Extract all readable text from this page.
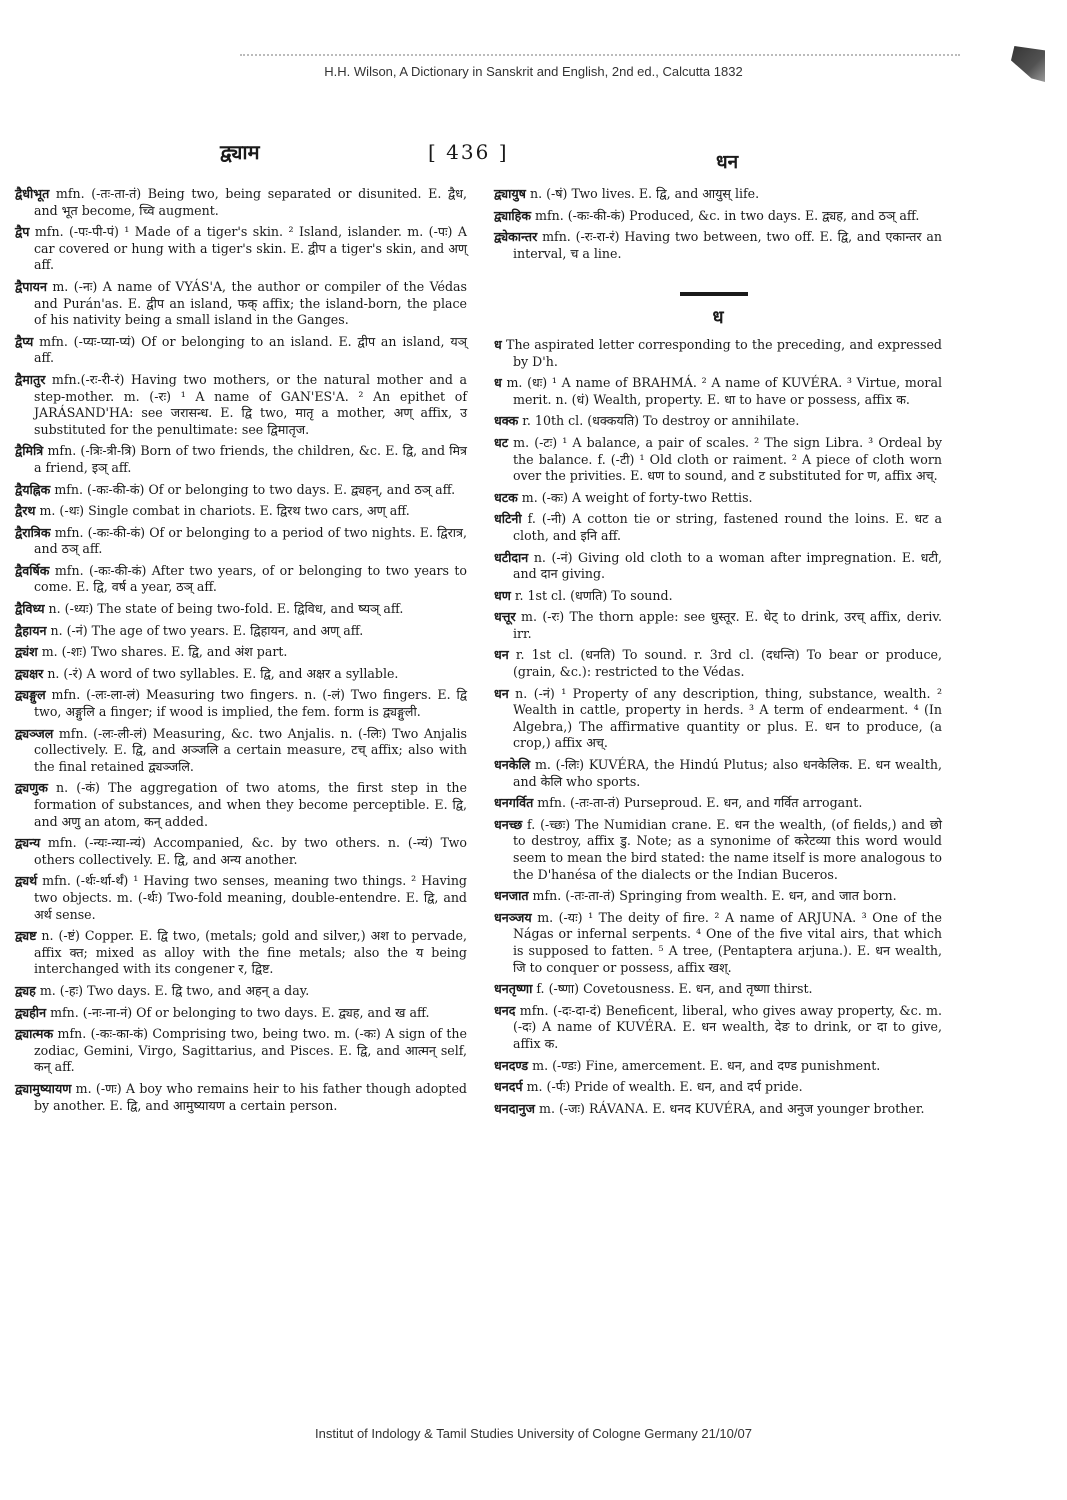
H.H. Wilson, A Dictionary in Sanskrit and English, 2nd ed., Calcutta 1832
द्व्याम	[ 436 ]	धन

द्वैधीभूत mfn. (-तः-ता-तं) Being two, being separated or disunited. E. द्वैध, and भूत become, च्वि augment.

द्वैप mfn. (-पः-पी-पं) ¹ Made of a tiger's skin. ² Island, islander. m. (-पः) A car covered or hung with a tiger's skin. E. द्वीप a tiger's skin, and अण् aff.

द्वैपायन m. (-नः) A name of VYÁS'A, the author or compiler of the Védas and Purán'as. E. द्वीप an island, फक् affix; the island-born, the place of his nativity being a small island in the Ganges.

द्वैप्य mfn. (-प्यः-प्या-प्यं) Of or belonging to an island. E. द्वीप an island, यञ् aff.

द्वैमातुर mfn.(-रः-री-रं) Having two mothers, or the natural mother and a step-mother. m. (-रः) ¹ A name of GAN'ES'A. ² An epithet of JARÁSAND'HA: see जरासन्ध. E. द्वि two, मातृ a mother, अण् affix, उ substituted for the penultimate: see द्विमातृज.

द्वैमित्रि mfn. (-त्रिः-त्री-त्रि) Born of two friends, the children, &c. E. द्वि, and मित्र a friend, इञ् aff.

द्वैयह्निक mfn. (-कः-की-कं) Of or belonging to two days. E. द्व्यहन्, and ठञ् aff.

द्वैरथ m. (-थः) Single combat in chariots. E. द्विरथ two cars, अण् aff.

द्वैरात्रिक mfn. (-कः-की-कं) Of or belonging to a period of two nights. E. द्विरात्र, and ठञ् aff.

द्वैवर्षिक mfn. (-कः-की-कं) After two years, of or belonging to two years to come. E. द्वि, वर्ष a year, ठञ् aff.

द्वैविध्य n. (-ध्यः) The state of being two-fold. E. द्विविध, and ष्यञ् aff.

द्वैहायन n. (-नं) The age of two years. E. द्विहायन, and अण् aff.

द्व्यंश m. (-शः) Two shares. E. द्वि, and अंश part.

द्व्यक्षर n. (-रं) A word of two syllables. E. द्वि, and अक्षर a syllable.

द्व्यङ्गुल mfn. (-लः-ला-लं) Measuring two fingers. n. (-लं) Two fingers. E. द्वि two, अङ्गुलि a finger; if wood is implied, the fem. form is द्व्यङ्गुली.

द्व्यञ्जल mfn. (-लः-ली-लं) Measuring, &c. two Anjalis. n. (-लिः) Two Anjalis collectively. E. द्वि, and अञ्जलि a certain measure, टच् affix; also with the final retained द्व्यञ्जलि.

द्व्यणुक n. (-कं) The aggregation of two atoms, the first step in the formation of substances, and when they become perceptible. E. द्वि, and अणु an atom, कन् added.

द्व्यन्य mfn. (-न्यः-न्या-न्यं) Accompanied, &c. by two others. n. (-न्यं) Two others collectively. E. द्वि, and अन्य another.

द्व्यर्थ mfn. (-र्थः-र्था-र्थं) ¹ Having two senses, meaning two things. ² Having two objects. m. (-र्थः) Two-fold meaning, double-entendre. E. द्वि, and अर्थ sense.

द्व्यष्ट n. (-ष्टं) Copper. E. द्वि two, (metals; gold and silver,) अश to pervade, affix क्त; mixed as alloy with the fine metals; also the य being interchanged with its congener र, द्विष्ट.

द्व्यह m. (-हः) Two days. E. द्वि two, and अहन् a day.

द्व्यहीन mfn. (-नः-ना-नं) Of or belonging to two days. E. द्व्यह, and ख aff.

द्व्यात्मक mfn. (-कः-का-कं) Comprising two, being two. m. (-कः) A sign of the zodiac, Gemini, Virgo, Sagittarius, and Pisces. E. द्वि, and आत्मन् self, कन् aff.

द्व्यामुष्यायण m. (-णः) A boy who remains heir to his father though adopted by another. E. द्वि, and आमुष्यायण a certain person.

द्व्यायुष n. (-षं) Two lives. E. द्वि, and आयुस् life.

द्व्याहिक mfn. (-कः-की-कं) Produced, &c. in two days. E. द्व्यह, and ठञ् aff.

द्व्येकान्तर mfn. (-रः-रा-रं) Having two between, two off. E. द्वि, and एकान्तर an interval, च a line.

ध

ध The aspirated letter corresponding to the preceding, and expressed by D'h.

ध m. (धः) ¹ A name of BRAHMÁ. ² A name of KUVÉRA. ³ Virtue, moral merit. n. (धं) Wealth, property. E. धा to have or possess, affix क.

धक्क r. 10th cl. (धक्कयति) To destroy or annihilate.

धट m. (-टः) ¹ A balance, a pair of scales. ² The sign Libra. ³ Ordeal by the balance. f. (-टी) ¹ Old cloth or raiment. ² A piece of cloth worn over the privities. E. धण to sound, and ट substituted for ण, affix अच्.

धटक m. (-कः) A weight of forty-two Rettis.

धटिनी f. (-नी) A cotton tie or string, fastened round the loins. E. धट a cloth, and इनि aff.

धटीदान n. (-नं) Giving old cloth to a woman after impregnation. E. धटी, and दान giving.

धण r. 1st cl. (धणति) To sound.

धत्तूर m. (-रः) The thorn apple: see धुस्तूर. E. धेट् to drink, उरच् affix, deriv. irr.

धन r. 1st cl. (धनति) To sound. r. 3rd cl. (दधन्ति) To bear or produce, (grain, &c.): restricted to the Védas.

धन n. (-नं) ¹ Property of any description, thing, substance, wealth. ² Wealth in cattle, property in herds. ³ A term of endearment. ⁴ (In Algebra,) The affirmative quantity or plus. E. धन to produce, (a crop,) affix अच्.

धनकेलि m. (-लिः) KUVÉRA, the Hindú Plutus; also धनकेलिक. E. धन wealth, and केलि who sports.

धनगर्वित mfn. (-तः-ता-तं) Purseproud. E. धन, and गर्वित arrogant.

धनच्छ f. (-च्छः) The Numidian crane. E. धन the wealth, (of fields,) and छो to destroy, affix डु. Note; as a synonime of करेटव्या this word would seem to mean the bird stated: the name itself is more analogous to the D'hanésa of the dialects or the Indian Buceros.

धनजात mfn. (-तः-ता-तं) Springing from wealth. E. धन, and जात born.

धनञ्जय m. (-यः) ¹ The deity of fire. ² A name of ARJUNA. ³ One of the Nágas or infernal serpents. ⁴ One of the five vital airs, that which is supposed to fatten. ⁵ A tree, (Pentaptera arjuna.). E. धन wealth, जि to conquer or possess, affix खश्.

धनतृष्णा f. (-ष्णा) Covetousness. E. धन, and तृष्णा thirst.

धनद mfn. (-दः-दा-दं) Beneficent, liberal, who gives away property, &c. m. (-दः) A name of KUVÉRA. E. धन wealth, देङ to drink, or दा to give, affix क.

धनदण्ड m. (-ण्डः) Fine, amercement. E. धन, and दण्ड punishment.

धनदर्प m. (-र्पः) Pride of wealth. E. धन, and दर्प pride.

धनदानुज m. (-जः) RÁVANA. E. धनद KUVÉRA, and अनुज younger brother.

Institut of Indology & Tamil Studies University of Cologne Germany 21/10/07
